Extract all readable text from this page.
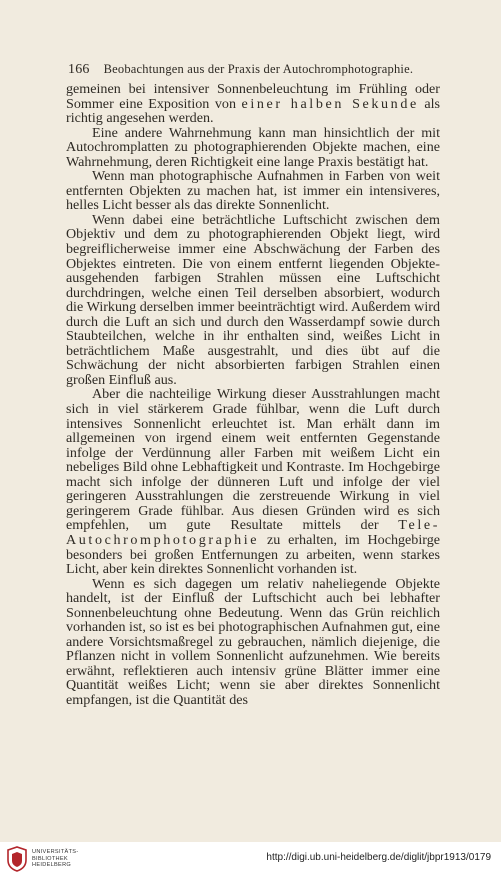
166 Beobachtungen aus der Praxis der Autochromphotographie.

gemeinen bei intensiver Sonnenbeleuchtung im Frühling oder Sommer eine Exposition von einer halben Sekunde als richtig angesehen werden.

Eine andere Wahrnehmung kann man hinsichtlich der mit Autochromplatten zu photographierenden Objekte machen, eine Wahrnehmung, deren Richtigkeit eine lange Praxis bestätigt hat.

Wenn man photographische Aufnahmen in Farben von weit entfernten Objekten zu machen hat, ist immer ein intensiveres, helles Licht besser als das direkte Sonnenlicht.

Wenn dabei eine beträchtliche Luftschicht zwischen dem Objektiv und dem zu photographierenden Objekt liegt, wird begreiflicherweise immer eine Abschwächung der Farben des Objektes eintreten. Die von einem entfernt liegenden Objekte-ausgehenden farbigen Strahlen müssen eine Luftschicht durchdringen, welche einen Teil derselben absorbiert, wodurch die Wirkung derselben immer beeinträchtigt wird. Außerdem wird durch die Luft an sich und durch den Wasserdampf sowie durch Staubteilchen, welche in ihr enthalten sind, weißes Licht in beträchtlichem Maße ausgestrahlt, und dies übt auf die Schwächung der nicht absorbierten farbigen Strahlen einen großen Einfluß aus.

Aber die nachteilige Wirkung dieser Ausstrahlungen macht sich in viel stärkerem Grade fühlbar, wenn die Luft durch intensives Sonnenlicht erleuchtet ist. Man erhält dann im allgemeinen von irgend einem weit entfernten Gegenstande infolge der Verdünnung aller Farben mit weißem Licht ein nebeliges Bild ohne Lebhaftigkeit und Kontraste. Im Hochgebirge macht sich infolge der dünneren Luft und infolge der viel geringeren Ausstrahlungen die zerstreuende Wirkung in viel geringerem Grade fühlbar. Aus diesen Gründen wird es sich empfehlen, um gute Resultate mittels der Tele-Autochromphotographie zu erhalten, im Hochgebirge besonders bei großen Entfernungen zu arbeiten, wenn starkes Licht, aber kein direktes Sonnenlicht vorhanden ist.

Wenn es sich dagegen um relativ naheliegende Objekte handelt, ist der Einfluß der Luftschicht auch bei lebhafter Sonnenbeleuchtung ohne Bedeutung. Wenn das Grün reichlich vorhanden ist, so ist es bei photographischen Aufnahmen gut, eine andere Vorsichtsmaßregel zu gebrauchen, nämlich diejenige, die Pflanzen nicht in vollem Sonnenlicht aufzunehmen. Wie bereits erwähnt, reflektieren auch intensiv grüne Blätter immer eine Quantität weißes Licht; wenn sie aber direktes Sonnenlicht empfangen, ist die Quantität des

UNIVERSITÄTS-
BIBLIOTHEK
HEIDELBERG
http://digi.ub.uni-heidelberg.de/diglit/jbpr1913/0179
